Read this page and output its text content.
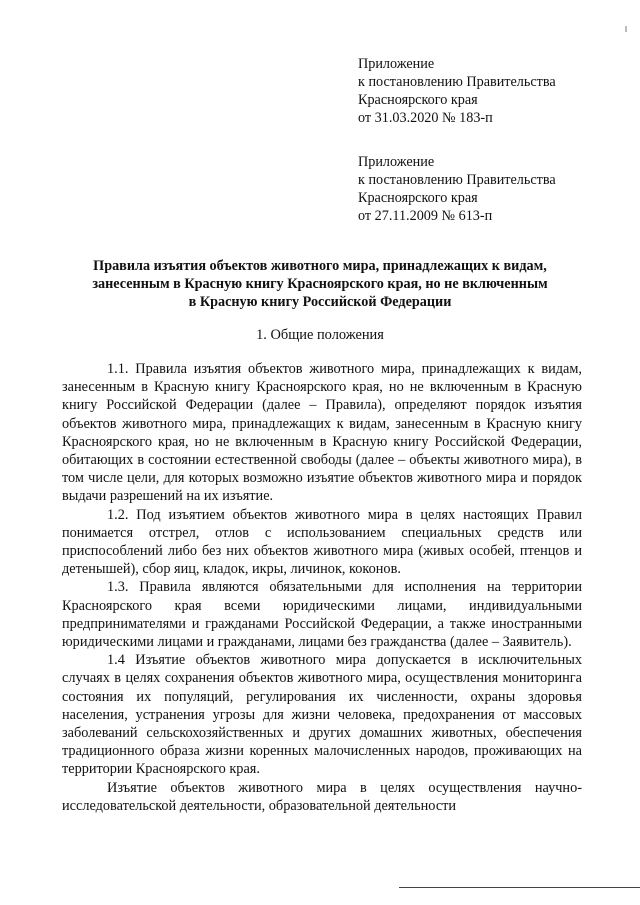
Приложение
к постановлению Правительства
Красноярского края
от 31.03.2020 № 183-п
Приложение
к постановлению Правительства
Красноярского края
от 27.11.2009 № 613-п
Правила изъятия объектов животного мира, принадлежащих к видам,
занесенным в Красную книгу Красноярского края, но не включенным
в Красную книгу Российской Федерации
1. Общие положения

1.1. Правила изъятия объектов животного мира, принадлежащих к видам, занесенным в Красную книгу Красноярского края, но не включенным в Красную книгу Российской Федерации (далее – Правила), определяют порядок изъятия объектов животного мира, принадлежащих к видам, занесенным в Красную книгу Красноярского края, но не включенным в Красную книгу Российской Федерации, обитающих в состоянии естественной свободы (далее – объекты животного мира), в том числе цели, для которых возможно изъятие объектов животного мира и порядок выдачи разрешений на их изъятие.

1.2. Под изъятием объектов животного мира в целях настоящих Правил понимается отстрел, отлов с использованием специальных средств или приспособлений либо без них объектов животного мира (живых особей, птенцов и детенышей), сбор яиц, кладок, икры, личинок, коконов.

1.3. Правила являются обязательными для исполнения на территории Красноярского края всеми юридическими лицами, индивидуальными предпринимателями и гражданами Российской Федерации, а также иностранными юридическими лицами и гражданами, лицами без гражданства (далее – Заявитель).

1.4 Изъятие объектов животного мира допускается в исключительных случаях в целях сохранения объектов животного мира, осуществления мониторинга состояния их популяций, регулирования их численности, охраны здоровья населения, устранения угрозы для жизни человека, предохранения от массовых заболеваний сельскохозяйственных и других домашних животных, обеспечения традиционного образа жизни коренных малочисленных народов, проживающих на территории Красноярского края.

Изъятие объектов животного мира в целях осуществления научно-исследовательской деятельности, образовательной деятельности
